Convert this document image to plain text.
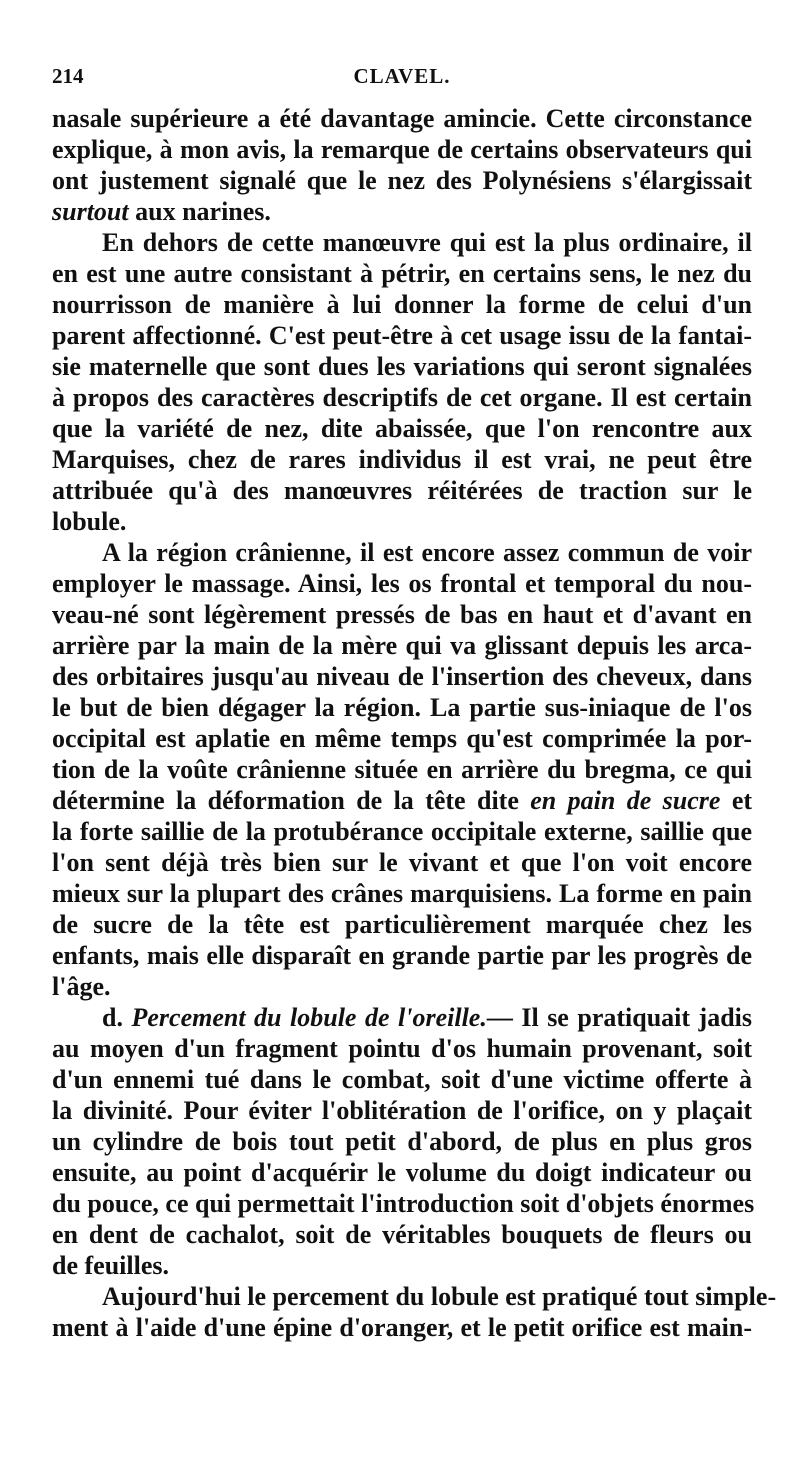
214	CLAVEL.
nasale supérieure a été davantage amincie. Cette circonstance
explique, à mon avis, la remarque de certains observateurs qui
ont justement signalé que le nez des Polynésiens s'élargissait
surtout aux narines.
En dehors de cette manœuvre qui est la plus ordinaire, il
en est une autre consistant à pétrir, en certains sens, le nez du
nourrisson de manière à lui donner la forme de celui d'un
parent affectionné. C'est peut-être à cet usage issu de la fantai-
sie maternelle que sont dues les variations qui seront signalées
à propos des caractères descriptifs de cet organe. Il est certain
que la variété de nez, dite abaissée, que l'on rencontre aux
Marquises, chez de rares individus il est vrai, ne peut être
attribuée qu'à des manœuvres réitérées de traction sur le
lobule.
A la région crânienne, il est encore assez commun de voir
employer le massage. Ainsi, les os frontal et temporal du nou-
veau-né sont légèrement pressés de bas en haut et d'avant en
arrière par la main de la mère qui va glissant depuis les arca-
des orbitaires jusqu'au niveau de l'insertion des cheveux, dans
le but de bien dégager la région. La partie sus-iniaque de l'os
occipital est aplatie en même temps qu'est comprimée la por-
tion de la voûte crânienne située en arrière du bregma, ce qui
détermine la déformation de la tête dite en pain de sucre et
la forte saillie de la protubérance occipitale externe, saillie que
l'on sent déjà très bien sur le vivant et que l'on voit encore
mieux sur la plupart des crânes marquisiens. La forme en pain
de sucre de la tête est particulièrement marquée chez les
enfants, mais elle disparaît en grande partie par les progrès de
l'âge.
d. Percement du lobule de l'oreille.— Il se pratiquait jadis
au moyen d'un fragment pointu d'os humain provenant, soit
d'un ennemi tué dans le combat, soit d'une victime offerte à
la divinité. Pour éviter l'oblitération de l'orifice, on y plaçait
un cylindre de bois tout petit d'abord, de plus en plus gros
ensuite, au point d'acquérir le volume du doigt indicateur ou
du pouce, ce qui permettait l'introduction soit d'objets énormes
en dent de cachalot, soit de véritables bouquets de fleurs ou
de feuilles.
Aujourd'hui le percement du lobule est pratiqué tout simple-
ment à l'aide d'une épine d'oranger, et le petit orifice est main-
